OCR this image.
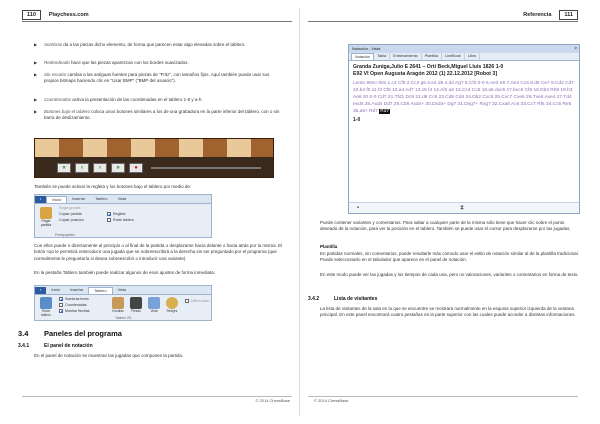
110	Playchess.com
▶	Sombras da a las piezas dicho elemento, de forma que parecen estar algo elevadas sobre el tablero.
▶	Redondeado hace que las piezas aparezcan con los bordes suavizados.
▶	Sin escalar cambia a las antiguas fuentes para piezas de "Fritz", con tamaños fijos. Aquí también puede usar sus propios bitmaps haciendo clic en "Usar BMP" ("BMP del usuario").
▶	Coordenadas activa la presentación de las coordenadas en el tablero 1-8 y a-h.
▶	Botones bajo el tablero coloca unos botones similares a los de una grabadora en la parte inferior del tablero, con o sin barra de deslizamiento.
«	‹	›	»	●
También se puede activar la regleta y los botones bajo el tablero por medio de:
▪	Inicio	Insertar	Tablero	Vista
Pegar partida
Regla grande
Copiar partida
Copiar posición
Regleta
Rotar tablero
Portapapeles
Con ellos puede ir directamente al principio o al final de la partida o desplazarse hacia delante o hacia atrás por la misma. El botón rojo le permitirá reintroducir una jugada que se sobreescribirá a la derecha sin ser preguntado por el programa (que normalmente le preguntaría si desea sobreescribir o introducir una variante)
En la pestaña Tablero también puede realizar algunos de esos ajustes de forma inmediata:
▪	Inicio	Insertar	Tablero	Vista
Rotar tablero
Sombras leves
Coordenadas
Mostrar flechas	Escalas	Piezas	Vista	Relojes
Diferencias
Tablero 2D
3.4 Paneles del programa
3.4.1	El panel de notación
En el panel de notación se muestran las jugadas que componen la partida.
© 2014 ChessBase
Referencia	111
Notación - Vista	×
Notación	Tabla	Entrenamiento	Plantilla	LiveBook	Libro
Granda Zuniga,Julio E 2641 – Orti Beck,Miguel Lluis 1826 1-0
E92 VI Open Augusta Aragón 2012 (1) 22.12.2012 [Robot 3]
Lento 90m+30s 1.c4 Cf6 2.Cc3 g6 3.e4 d6 4.d4 Ag7 5.Cf3 0-0 6.Ae2 e5 7.Ae3 Cc6 8.d5 Ce7 9.Cd2 Cd7 10.b4 f5 11.f3 Cf6 12.a4 Ad7 13.c5 f4 14.Af2 a6 15.Cc4 Cc8 16.a5 dxc5 17.bxc5 Cf6 18.Db3 Rh8 19.h3 Ae8 20.0-0 Cd7 21.Tfd1 Dc8 22.d6 Cc6 23.Cd5 Cd4 24.Db2 Cxc5 25.Cxc7 Cxe6 26.Txe6 Axe4 27.Td4 exd4 28.Axd4 Dd7 29.Cb6 Axd4+ 30.Dxd4+ Dg7 31.Dxg7+ Rxg7 32.Cxa8 Ac6 33.Cc7 Rf6 34.Cc5 Re5 35.a5+ Rd7 Rd7
1-0
⧗
▪
Puede contener variantes y comentarios. Para saltar a cualquier parte de la misma sólo tiene que hacer clic sobre el punto deseado de la notación, para ver la posición en el tablero. También se puede usar el cursor para desplazarse por las jugadas.
Plantilla
En partidas normales, sin comentarios, puede resultarle más cómodo usar el estilo de notación similar al de la plantilla tradicional. Puede seleccionarlo en el tabulador que aparece en el panel de notación.
En este modo puede ver las jugadas y los tiempos de cada una, pero no valoraciones, variantes o comentarios en forma de texto.
3.4.2	Lista de visitantes
La lista de visitantes de la sala en la que se encuentre se mostrará normalmente en la esquina superior izquierda de la ventana principal. En este panel encontrará cuatro pestañas en la parte superior con las cuales puede acceder a distintas informaciones.
© 2014 ChessBase
